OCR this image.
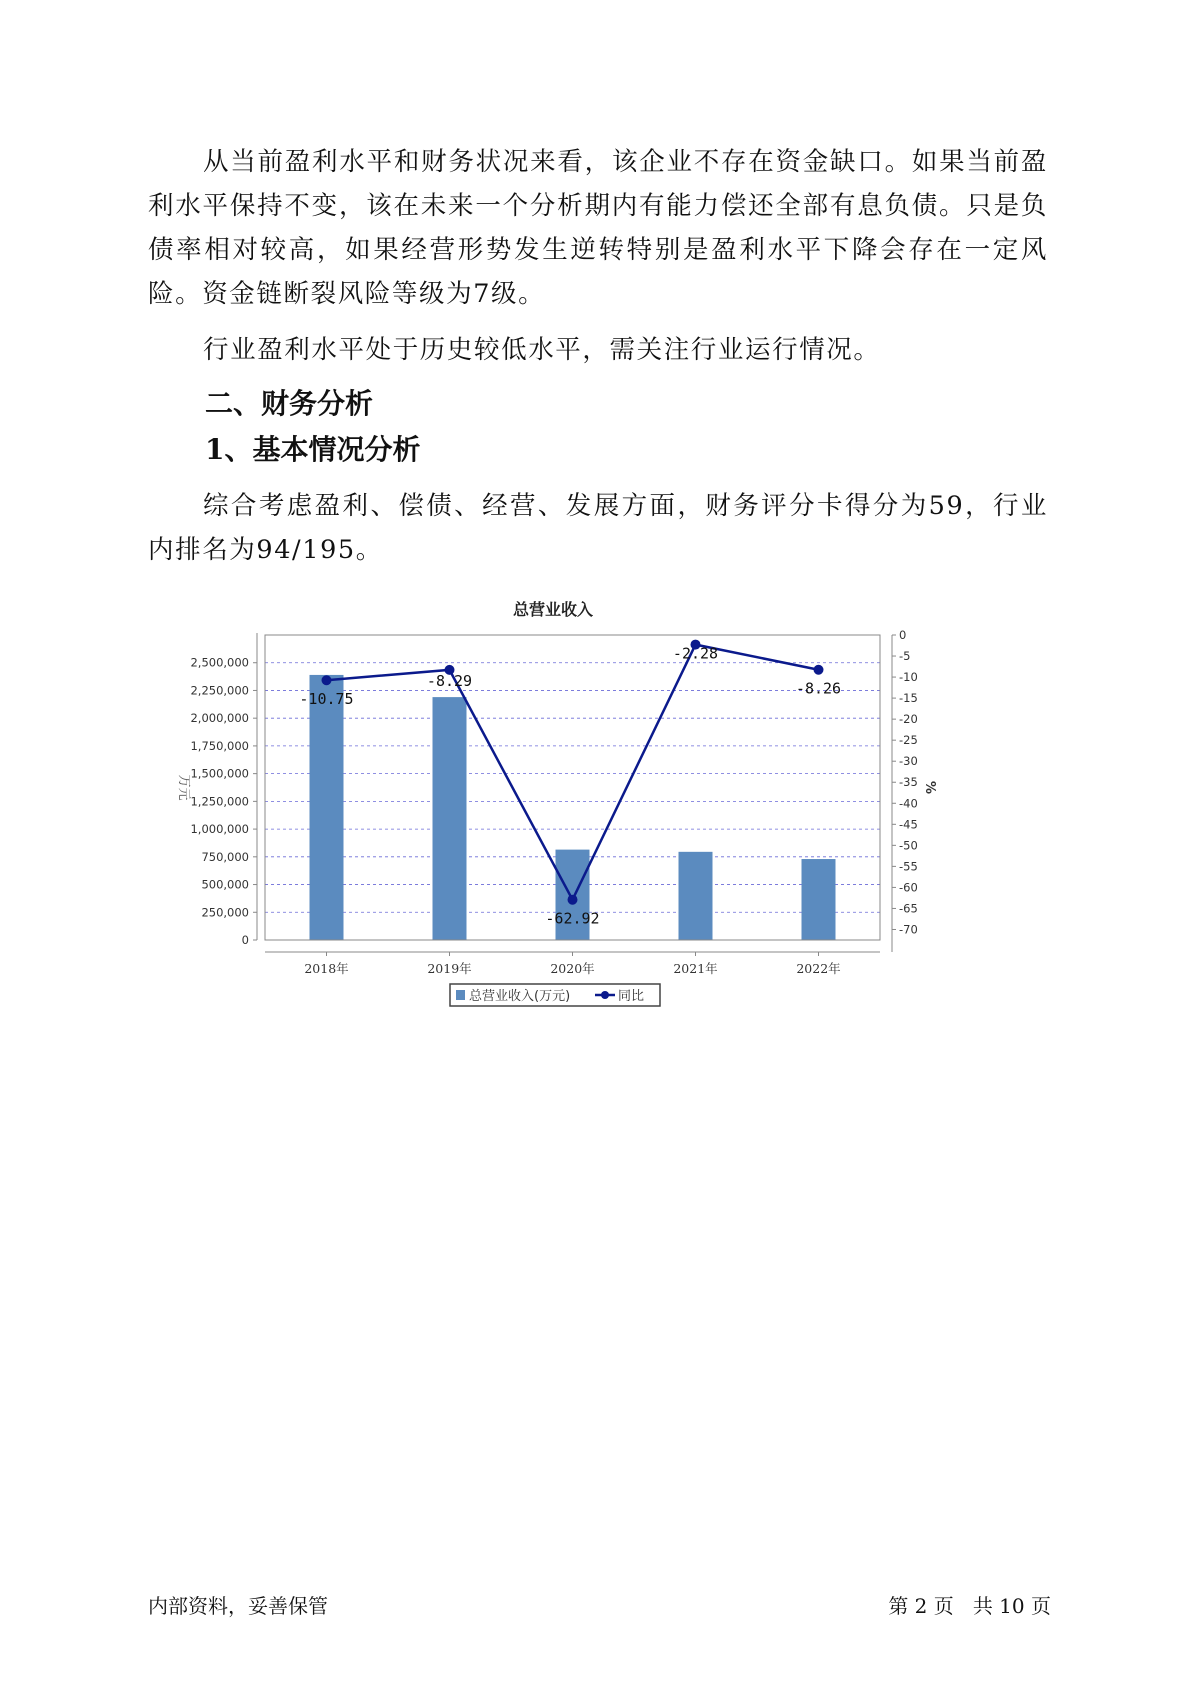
从当前盈利水平和财务状况来看，该企业不存在资金缺口。如果当前盈利水平保持不变，该在未来一个分析期内有能力偿还全部有息负债。只是负债率相对较高，如果经营形势发生逆转特别是盈利水平下降会存在一定风险。资金链断裂风险等级为7级。

行业盈利水平处于历史较低水平，需关注行业运行情况。

二、财务分析
1、基本情况分析

综合考虑盈利、偿债、经营、发展方面，财务评分卡得分为59，行业内排名为94/195。

总营业收入
-10.75
-8.29
-62.92
-2.28
-8.26
0
250,000
500,000
750,000
1,000,000
1,250,000
1,500,000
1,750,000
2,000,000
2,250,000
2,500,000
0
-5
-10
-15
-20
-25
-30
-35
-40
-45
-50
-55
-60
-65
-70
2018年	2019年	2020年	2021年	2022年
万元	%
总营业收入(万元)	同比
内部资料，妥善保管	第 2 页   共 10 页
